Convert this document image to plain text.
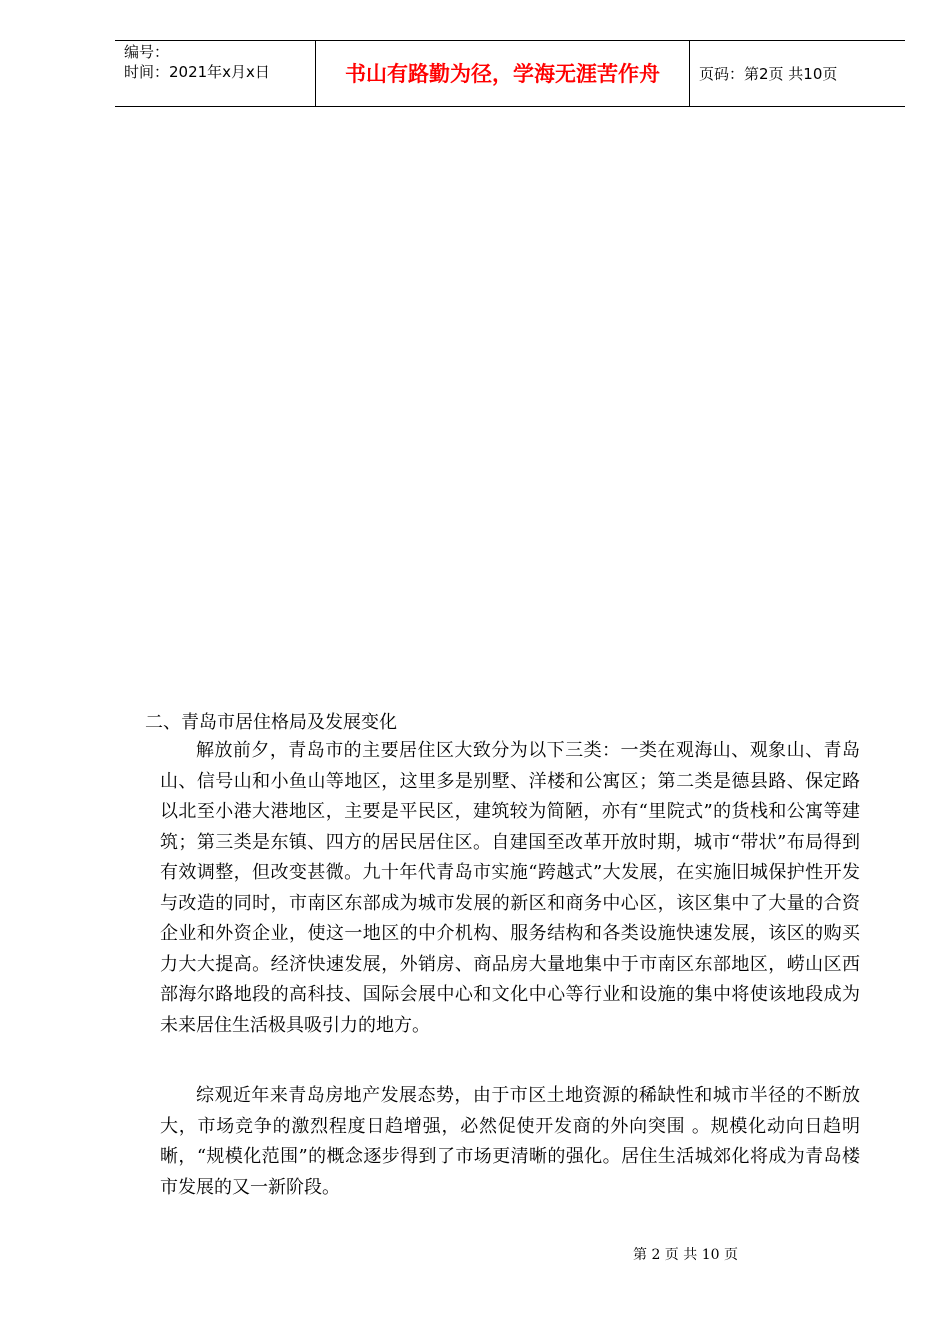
编号：
时间：2021年x月x日	书山有路勤为径，学海无涯苦作舟	页码：第2页 共10页
二、青岛市居住格局及发展变化

解放前夕，青岛市的主要居住区大致分为以下三类：一类在观海山、观象山、青岛山、信号山和小鱼山等地区，这里多是别墅、洋楼和公寓区；第二类是德县路、保定路以北至小港大港地区，主要是平民区，建筑较为简陋，亦有“里院式”的货栈和公寓等建筑；第三类是东镇、四方的居民居住区。自建国至改革开放时期，城市“带状”布局得到有效调整，但改变甚微。九十年代青岛市实施“跨越式”大发展，在实施旧城保护性开发与改造的同时，市南区东部成为城市发展的新区和商务中心区，该区集中了大量的合资企业和外资企业，使这一地区的中介机构、服务结构和各类设施快速发展，该区的购买力大大提高。经济快速发展，外销房、商品房大量地集中于市南区东部地区，崂山区西部海尔路地段的高科技、国际会展中心和文化中心等行业和设施的集中将使该地段成为未来居住生活极具吸引力的地方。

综观近年来青岛房地产发展态势，由于市区土地资源的稀缺性和城市半径的不断放大，市场竞争的激烈程度日趋增强，必然促使开发商的外向突围 。规模化动向日趋明晰，“规模化范围”的概念逐步得到了市场更清晰的强化。居住生活城郊化将成为青岛楼市发展的又一新阶段。

第 2 页 共 10 页
